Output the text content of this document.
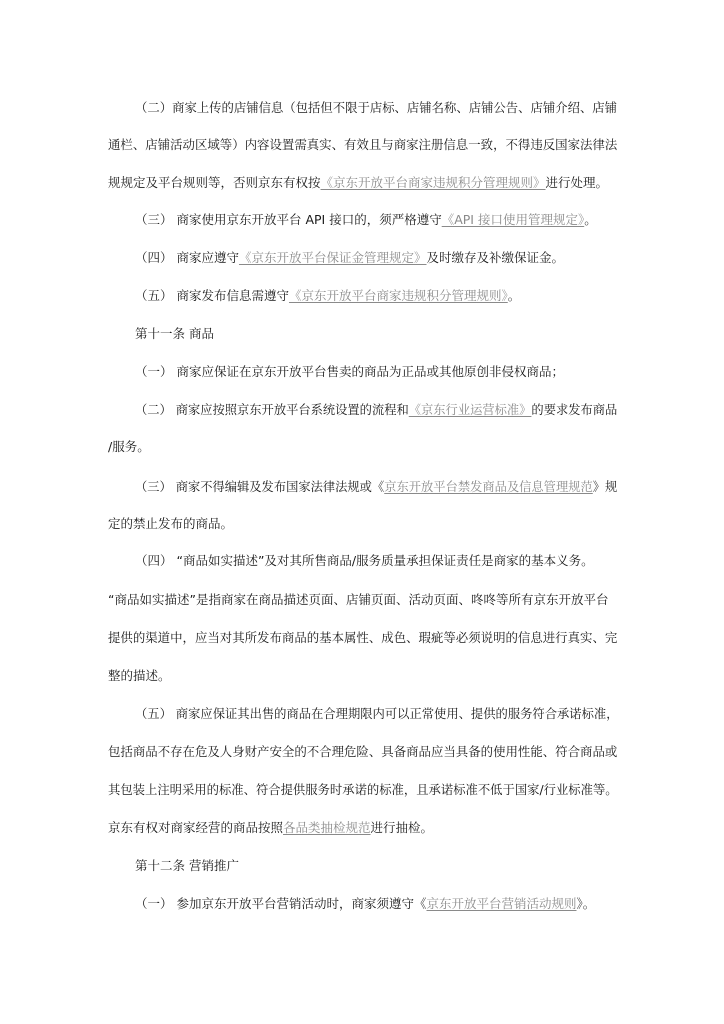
（二）商家上传的店铺信息（包括但不限于店标、店铺名称、店铺公告、店铺介绍、店铺
通栏、店铺活动区域等）内容设置需真实、有效且与商家注册信息一致，不得违反国家法律法
规规定及平台规则等，否则京东有权按《京东开放平台商家违规积分管理规则》进行处理。
（三） 商家使用京东开放平台 API 接口的，须严格遵守《API 接口使用管理规定》。
（四） 商家应遵守《京东开放平台保证金管理规定》及时缴存及补缴保证金。
（五） 商家发布信息需遵守《京东开放平台商家违规积分管理规则》。
第十一条 商品
（一） 商家应保证在京东开放平台售卖的商品为正品或其他原创非侵权商品；
（二） 商家应按照京东开放平台系统设置的流程和《京东行业运营标准》的要求发布商品
/服务。
（三） 商家不得编辑及发布国家法律法规或《京东开放平台禁发商品及信息管理规范》规
定的禁止发布的商品。
（四） “商品如实描述”及对其所售商品/服务质量承担保证责任是商家的基本义务。
“商品如实描述”是指商家在商品描述页面、店铺页面、活动页面、咚咚等所有京东开放平台
提供的渠道中，应当对其所发布商品的基本属性、成色、瑕疵等必须说明的信息进行真实、完
整的描述。
（五） 商家应保证其出售的商品在合理期限内可以正常使用、提供的服务符合承诺标准，
包括商品不存在危及人身财产安全的不合理危险、具备商品应当具备的使用性能、符合商品或
其包装上注明采用的标准、符合提供服务时承诺的标准，且承诺标准不低于国家/行业标准等。
京东有权对商家经营的商品按照各品类抽检规范进行抽检。
第十二条 营销推广
（一） 参加京东开放平台营销活动时，商家须遵守《京东开放平台营销活动规则》。
